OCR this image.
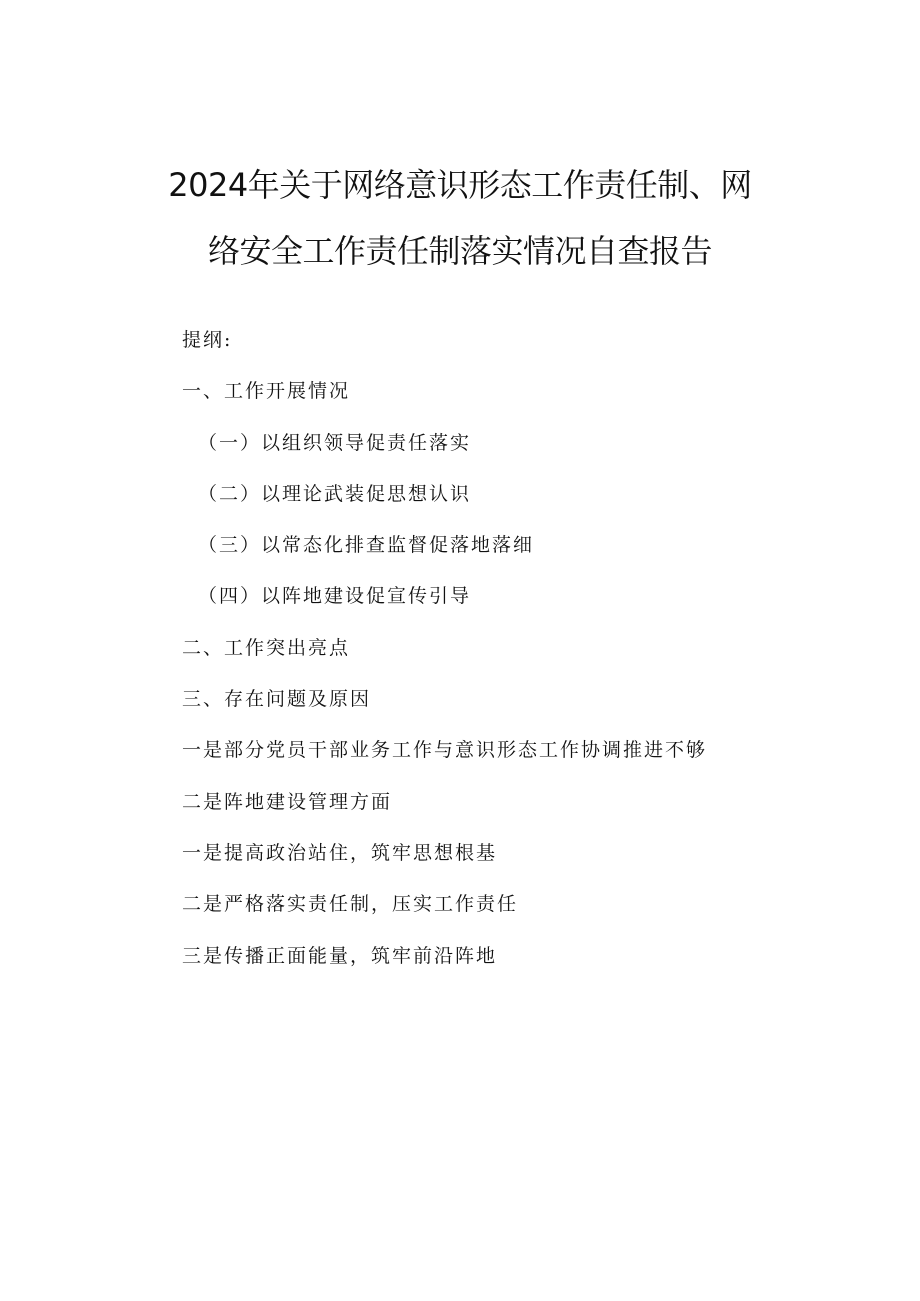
2024年关于网络意识形态工作责任制、网
络安全工作责任制落实情况自查报告
提纲:
一、工作开展情况
（一）以组织领导促责任落实
（二）以理论武装促思想认识
（三）以常态化排查监督促落地落细
（四）以阵地建设促宣传引导
二、工作突出亮点
三、存在问题及原因
一是部分党员干部业务工作与意识形态工作协调推进不够
二是阵地建设管理方面
一是提高政治站住，筑牢思想根基
二是严格落实责任制，压实工作责任
三是传播正面能量，筑牢前沿阵地
